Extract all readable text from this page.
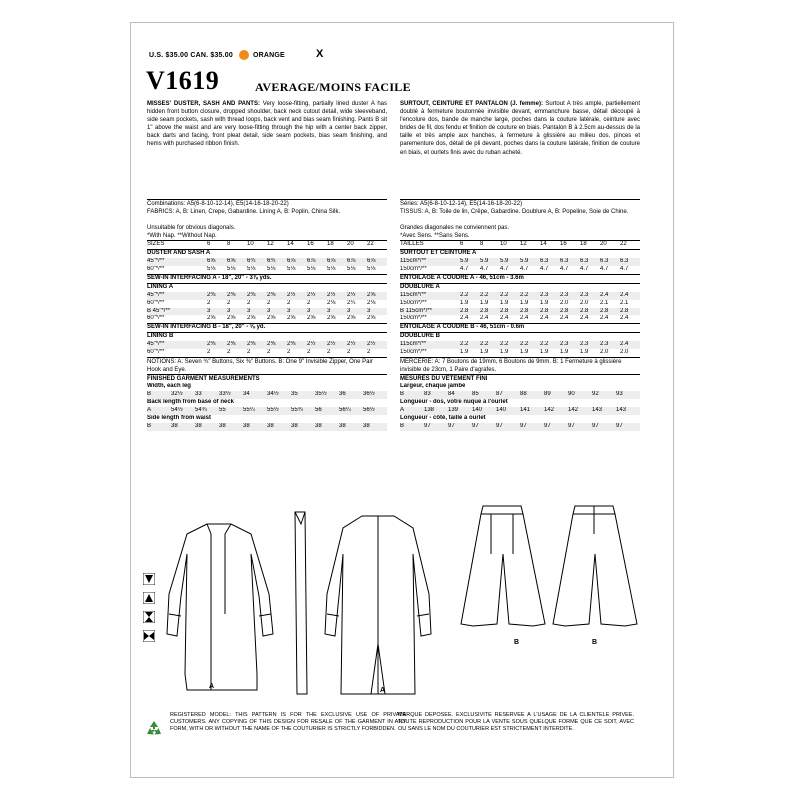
U.S. $35.00 CAN. $35.00	ORANGE	X
V1619	AVERAGE/MOINS FACILE
MISSES' DUSTER, SASH AND PANTS: Very loose-fitting, partially lined duster A has hidden front button closure, dropped shoulder, back neck cutout detail, wide sleeveband, side seam pockets, sash with thread loops, back vent and bias seam finishing. Pants B sit 1" above the waist and are very loose-fitting through the hip with a center back zipper, back darts and facing, front pleat detail, side seam pockets, bias seam finishing, and hems with purchased ribbon finish.
Combinations: A5(6-8-10-12-14), E5(14-16-18-20-22)
FABRICS: A, B: Linen, Crepe, Gabardine. Lining A, B: Poplin, China Silk.
Unsuitable for obvious diagonals.
*With Nap. **Without Nap.
SIZES	6	8	10	12	14	16	18	20	22
DUSTER AND SASH A									
45"*/**	6⅝	6⅝	6¾	6¾	6⅞	6⅞	6⅞	6⅞	6⅞
60"*/**	5⅛	5⅛	5⅛	5⅛	5⅛	5⅛	5⅛	5⅛	5⅛
SEW-IN INTERFACING A - 18", 20" - 3⅞ yds.									
LINING A									
45"*/**	2⅜	2⅜	2⅜	2⅜	2½	2½	2½	2½	2⅝
60"*/**	2	2	2	2	2	2	2⅛	2¼	2⅛
B 45"*/**	3	3	3	3	3	3	3	3	3
60"*/**	2⅝	2⅝	2⅝	2⅝	2⅝	2⅝	2⅝	2⅝	2⅝
SEW-IN INTERFACING B - 18", 20" - ⅝ yd.									
LINING B									
45"*/**	2⅜	2⅜	2⅜	2⅜	2⅜	2½	2½	2½	2½
60"*/**	2	2	2	2	2	2	2	2	2
NOTIONS: A: Seven ¾" Buttons, Six ⅜" Buttons. B: One 9" Invisible Zipper, One Pair Hook and Eye.
FINISHED GARMENT MEASUREMENTS
Width, each leg									
B	32½	33	33½	34	34½	35	35½	36	36½
Back length from base of neck									
A	54½	54¾	55	55¼	55½	55¾	56	56¼	56½
Side length from waist									
B	38	38	38	38	38	38	38	38	38
SURTOUT, CEINTURE ET PANTALON (J. femme): Surtout A très ample, partiellement doublé à fermeture boutonnée invisible devant, emmanchure basse, détail découpé à l'encolure dos, bande de manche large, poches dans la couture latérale, ceinture avec brides de fil, dos fendu et finition de couture en biais. Pantalon B à 2.5cm au-dessus de la taille et très ample aux hanches, à fermeture à glissière au milieu dos, pinces et parementure dos, détail de pli devant, poches dans la couture latérale, finition de couture en biais, et ourlets finis avec du ruban acheté.
Séries: A5(6-8-10-12-14), E5(14-16-18-20-22)
TISSUS: A, B: Toile de lin, Crêpe, Gabardine. Doublure A, B: Popeline, Soie de Chine.
Grandes diagonales ne conviennent pas.
*Avec Sens. **Sans Sens.
TAILLES	6	8	10	12	14	16	18	20	22
SURTOUT ET CEINTURE A									
115cm*/**	5.9	5.9	5.9	5.9	6.3	6.3	6.3	6.3	6.3
150cm*/**	4.7	4.7	4.7	4.7	4.7	4.7	4.7	4.7	4.7
ENTOILAGE À COUDRE A - 46, 51cm - 3.6m									
DOUBLURE A									
115cm*/**	2.2	2.2	2.2	2.2	2.3	2.3	2.3	2.4	2.4
150cm*/**	1.9	1.9	1.9	1.9	1.9	2.0	2.0	2.1	2.1
B 115cm*/**	2.8	2.8	2.8	2.8	2.8	2.8	2.8	2.8	2.8
150cm*/**	2.4	2.4	2.4	2.4	2.4	2.4	2.4	2.4	2.4
ENTOILAGE À COUDRE B - 46, 51cm - 0.6m									
DOUBLURE B									
115cm*/**	2.2	2.2	2.2	2.2	2.2	2.3	2.3	2.3	2.4
150cm*/**	1.9	1.9	1.9	1.9	1.9	1.9	1.9	2.0	2.0
MERCERIE: A: 7 Boutons de 19mm, 6 Boutons de 9mm. B: 1 Fermeture à glissière invisible de 23cm, 1 Paire d'agrafes.
MESURES DU VÊTEMENT FINI
Largeur, chaque jambe									
B	83	84	85	87	88	89	90	92	93
Longueur - dos, votre nuque à l'ourlet									
A	138	139	140	140	141	142	142	143	143
Longueur - côté, taille à ourlet									
B	97	97	97	97	97	97	97	97	97

A
A
B	B
REGISTERED MODEL: THIS PATTERN IS FOR THE EXCLUSIVE USE OF PRIVATE CUSTOMERS. ANY COPYING OF THIS DESIGN FOR RESALE OF THE GARMENT IN ANY FORM, WITH OR WITHOUT THE NAME OF THE COUTURIER IS STRICTLY FORBIDDEN.
MARQUE DEPOSEE. EXCLUSIVITE RESERVEE A L'USAGE DE LA CLIENTELE PRIVEE. TOUTE REPRODUCTION POUR LA VENTE SOUS QUELQUE FORME QUE CE SOIT, AVEC OU SANS LE NOM DU COUTURIER EST STRICTEMENT INTERDITE.
